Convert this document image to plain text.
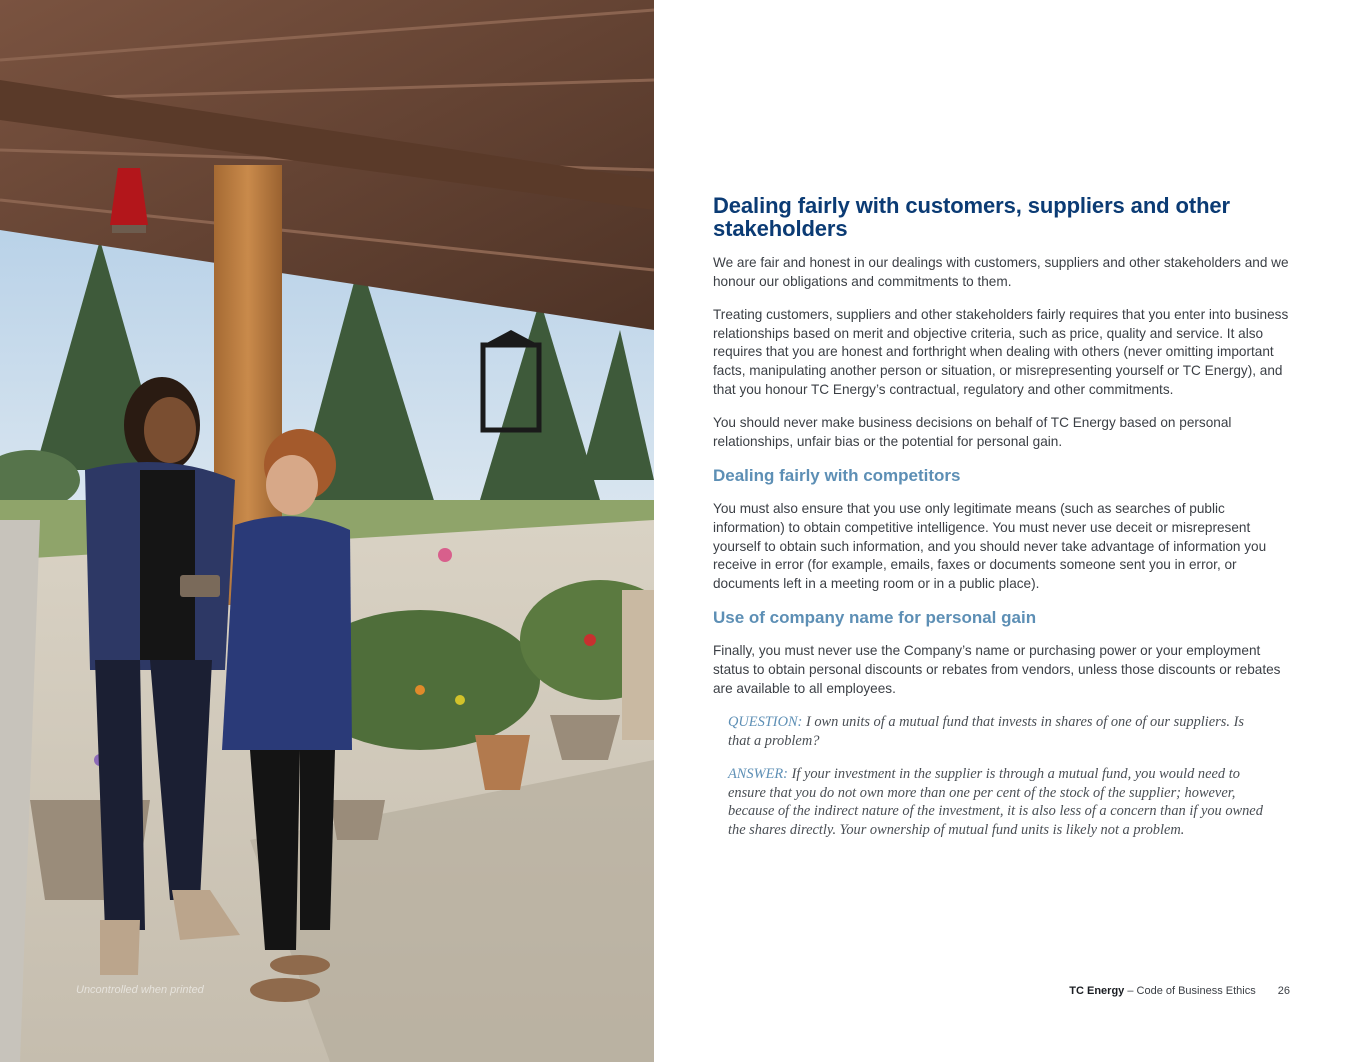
Uncontrolled when printed
Dealing fairly with customers, suppliers and other stakeholders

We are fair and honest in our dealings with customers, suppliers and other stakeholders and we honour our obligations and commitments to them.

Treating customers, suppliers and other stakeholders fairly requires that you enter into business relationships based on merit and objective criteria, such as price, quality and service. It also requires that you are honest and forthright when dealing with others (never omitting important facts, manipulating another person or situation, or misrepresenting yourself or TC Energy), and that you honour TC Energy’s contractual, regulatory and other commitments.

You should never make business decisions on behalf of TC Energy based on personal relationships, unfair bias or the potential for personal gain.

Dealing fairly with competitors

You must also ensure that you use only legitimate means (such as searches of public information) to obtain competitive intelligence. You must never use deceit or misrepresent yourself to obtain such information, and you should never take advantage of information you receive in error (for example, emails, faxes or documents someone sent you in error, or documents left in a meeting room or in a public place).

Use of company name for personal gain

Finally, you must never use the Company’s name or purchasing power or your employment status to obtain personal discounts or rebates from vendors, unless those discounts or rebates are available to all employees.

QUESTION: I own units of a mutual fund that invests in shares of one of our suppliers. Is that a problem?
ANSWER: If your investment in the supplier is through a mutual fund, you would need to ensure that you do not own more than one per cent of the stock of the supplier; however, because of the indirect nature of the investment, it is also less of a concern than if you owned the shares directly. Your ownership of mutual fund units is likely not a problem.
TC Energy – Code of Business Ethics 26
